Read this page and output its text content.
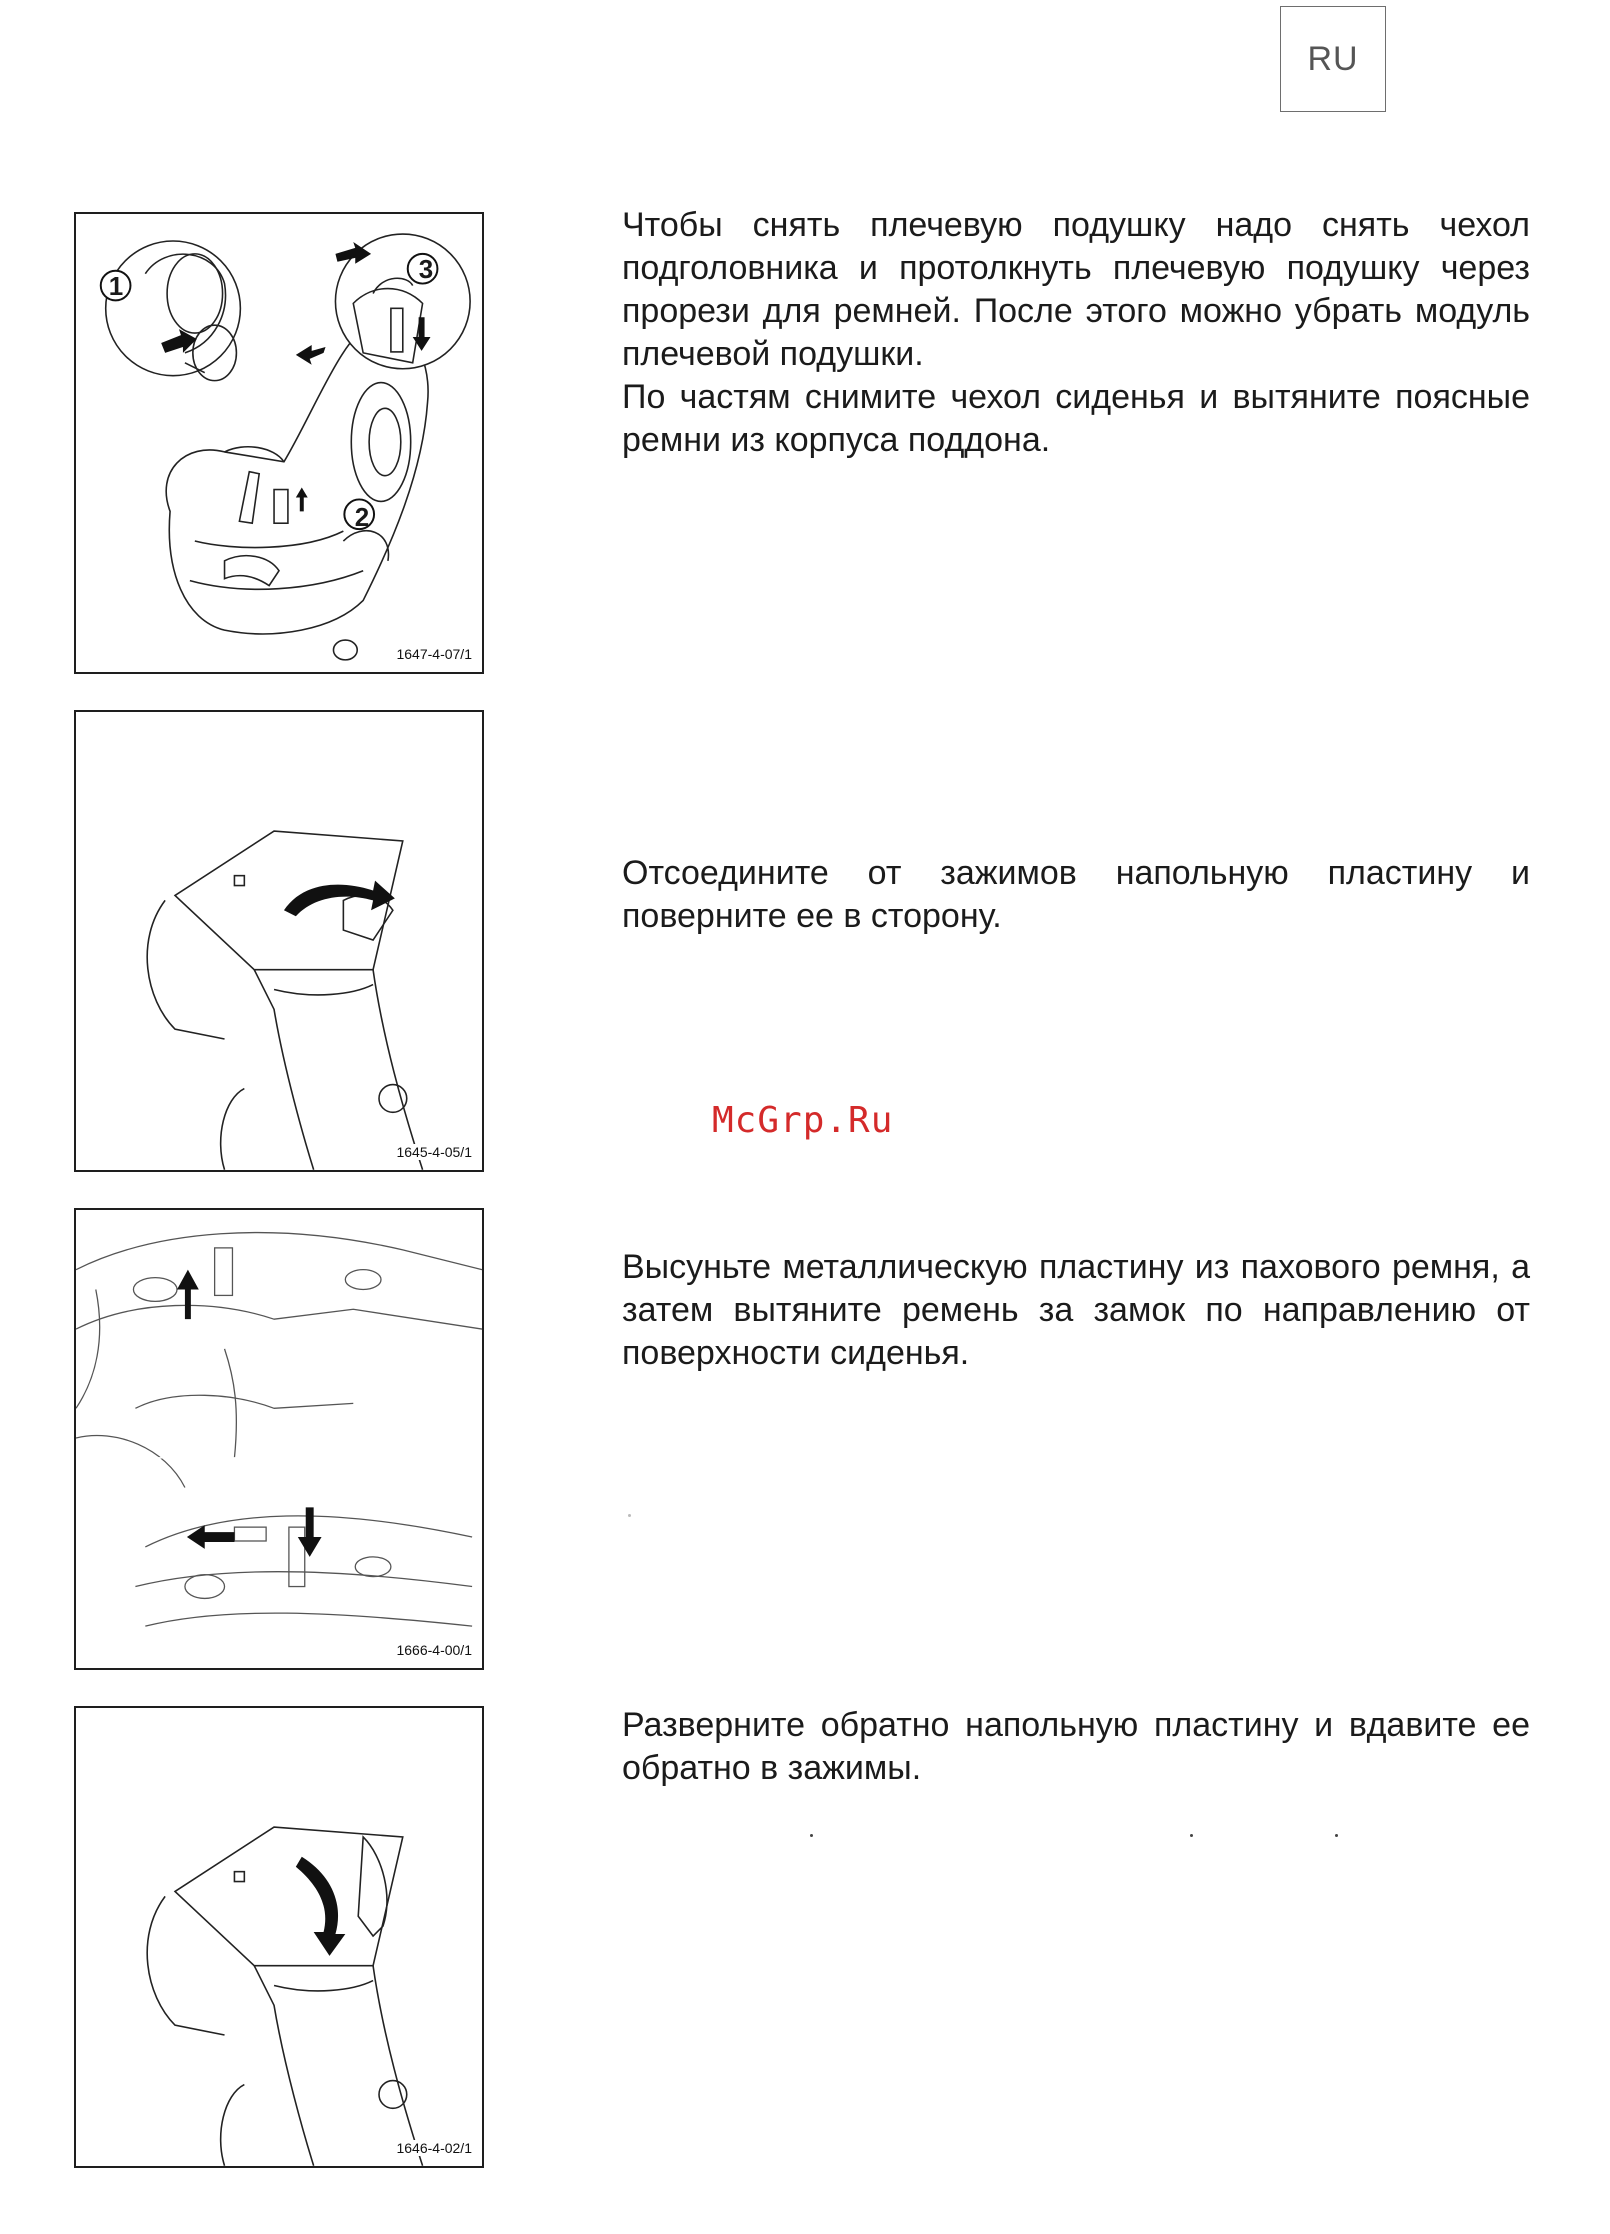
RU
1
3
2
1647-4-07/1

Чтобы снять плечевую подушку надо снять чехол подголовника и протолкнуть плечевую подушку через прорези для ремней. После этого можно убрать модуль плечевой подушки.

По частям снимите чехол сиденья и вытяните поясные ремни из корпуса поддона.

1645-4-05/1

Отсоедините от зажимов напольную пластину и поверните ее в сторону.

McGrp.Ru
1666-4-00/1

Высуньте металлическую пластину из пахового ремня, а затем вытяните ремень за замок по направлению от поверхности сиденья.

1646-4-02/1

Разверните обратно напольную пластину и вдавите ее обратно в зажимы.
